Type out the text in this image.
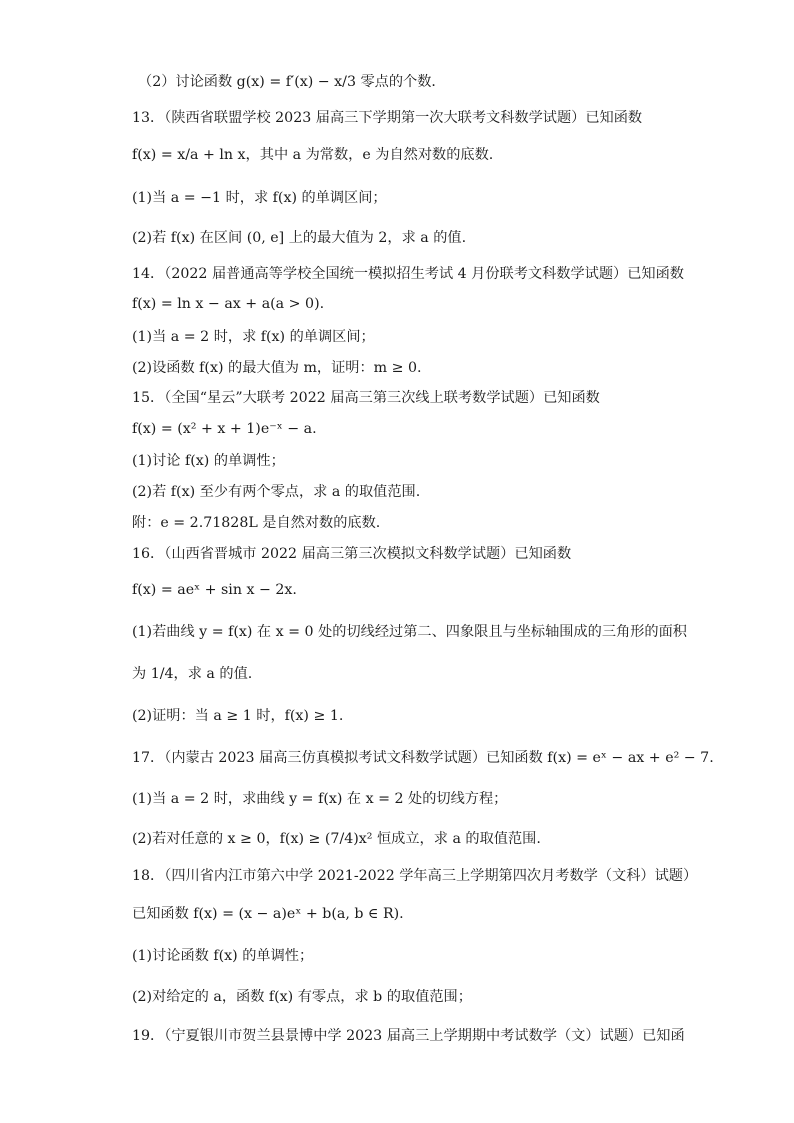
（2）讨论函数 g(x) = f′(x) − x/3 零点的个数．
13．（陕西省联盟学校 2023 届高三下学期第一次大联考文科数学试题）已知函数
f(x) = x/a + ln x，其中 a 为常数，e 为自然对数的底数.
(1)当 a = −1 时，求 f(x) 的单调区间；
(2)若 f(x) 在区间 (0, e] 上的最大值为 2，求 a 的值.
14．（2022 届普通高等学校全国统一模拟招生考试 4 月份联考文科数学试题）已知函数
f(x) = ln x − ax + a(a > 0).
(1)当 a = 2 时，求 f(x) 的单调区间；
(2)设函数 f(x) 的最大值为 m，证明：m ≥ 0.
15．（全国“星云”大联考 2022 届高三第三次线上联考数学试题）已知函数
f(x) = (x² + x + 1)e⁻ˣ − a.
(1)讨论 f(x) 的单调性；
(2)若 f(x) 至少有两个零点，求 a 的取值范围.
附：e = 2.71828L 是自然对数的底数.
16．（山西省晋城市 2022 届高三第三次模拟文科数学试题）已知函数
f(x) = aeˣ + sin x − 2x.
(1)若曲线 y = f(x) 在 x = 0 处的切线经过第二、四象限且与坐标轴围成的三角形的面积
为 1/4，求 a 的值.
(2)证明：当 a ≥ 1 时，f(x) ≥ 1.
17．（内蒙古 2023 届高三仿真模拟考试文科数学试题）已知函数 f(x) = eˣ − ax + e² − 7.
(1)当 a = 2 时，求曲线 y = f(x) 在 x = 2 处的切线方程；
(2)若对任意的 x ≥ 0，f(x) ≥ (7/4)x² 恒成立，求 a 的取值范围.
18．（四川省内江市第六中学 2021-2022 学年高三上学期第四次月考数学（文科）试题）
已知函数 f(x) = (x − a)eˣ + b(a, b ∈ R).
(1)讨论函数 f(x) 的单调性；
(2)对给定的 a，函数 f(x) 有零点，求 b 的取值范围；
19．（宁夏银川市贺兰县景博中学 2023 届高三上学期期中考试数学（文）试题）已知函
